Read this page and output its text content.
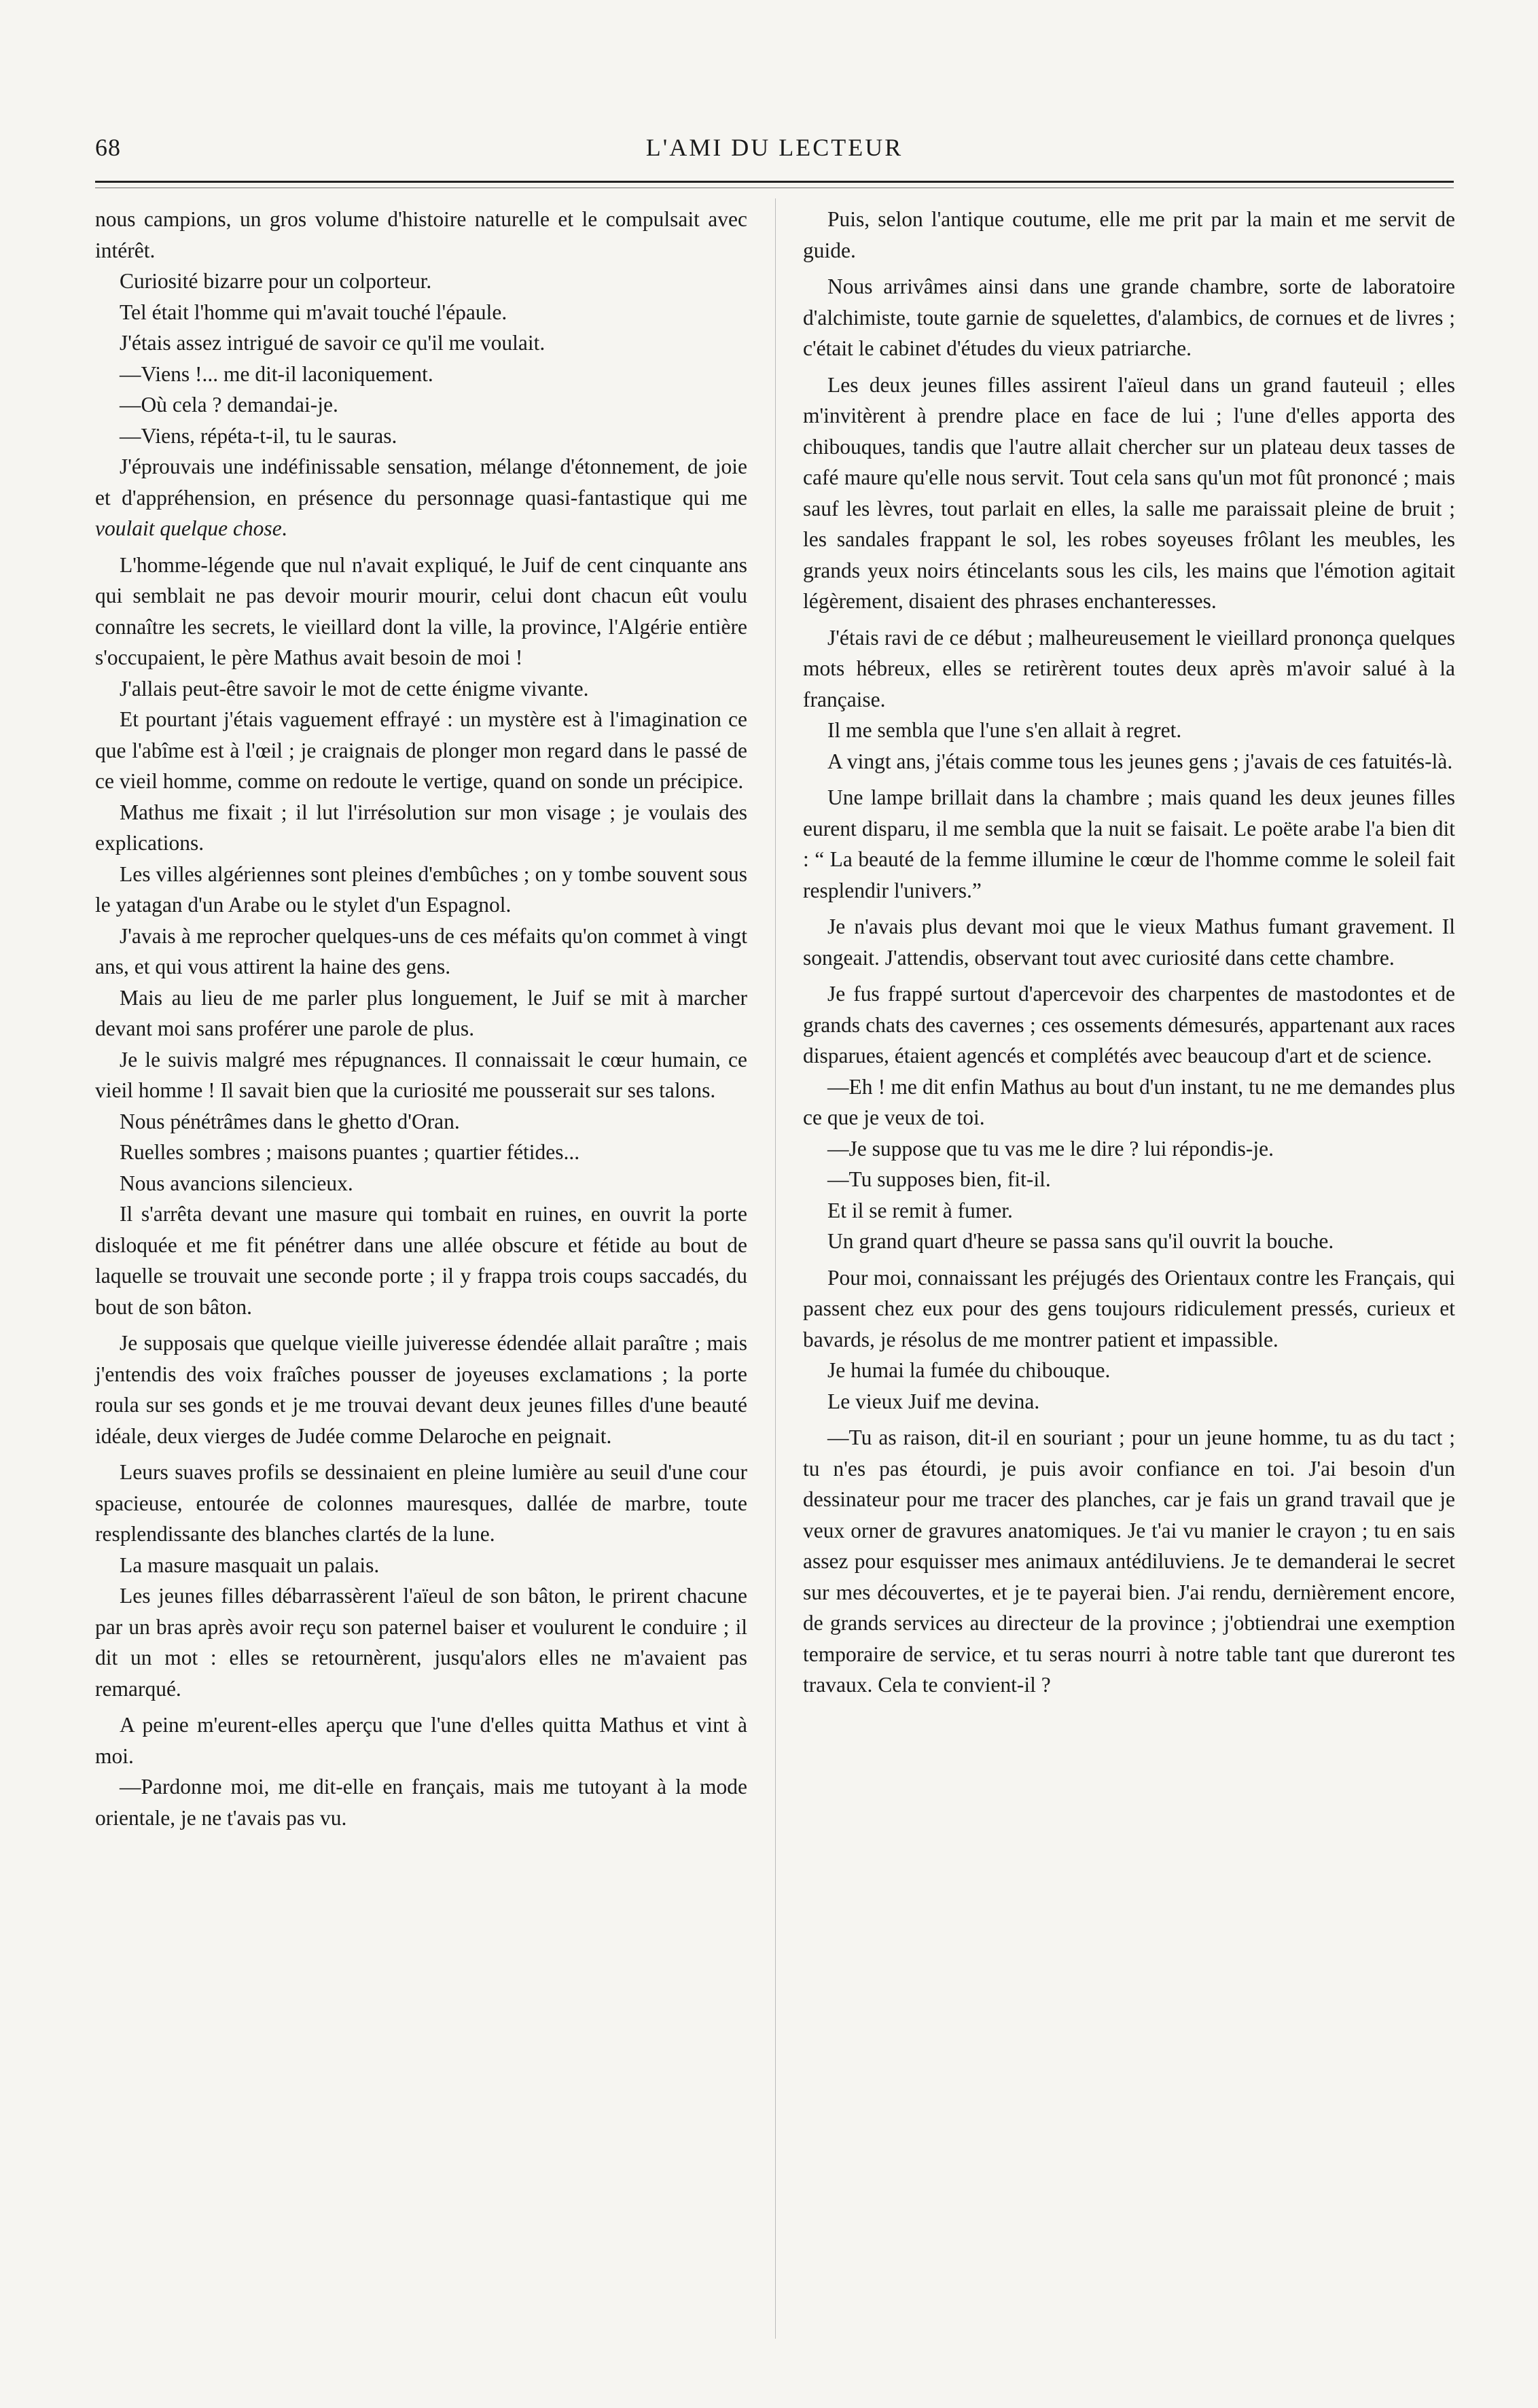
68	L'AMI DU LECTEUR

nous campions, un gros volume d'histoire naturelle et le compulsait avec intérêt.

Curiosité bizarre pour un colporteur.

Tel était l'homme qui m'avait touché l'épaule.

J'étais assez intrigué de savoir ce qu'il me voulait.

—Viens !... me dit-il laconiquement.

—Où cela ? demandai-je.

—Viens, répéta-t-il, tu le sauras.

J'éprouvais une indéfinissable sensation, mélange d'étonnement, de joie et d'appréhension, en présence du personnage quasi-fantastique qui me voulait quelque chose.

L'homme-légende que nul n'avait expliqué, le Juif de cent cinquante ans qui semblait ne pas devoir mourir mourir, celui dont chacun eût voulu connaître les secrets, le vieillard dont la ville, la province, l'Algérie entière s'occupaient, le père Mathus avait besoin de moi !

J'allais peut-être savoir le mot de cette énigme vivante.

Et pourtant j'étais vaguement effrayé : un mystère est à l'imagination ce que l'abîme est à l'œil ; je craignais de plonger mon regard dans le passé de ce vieil homme, comme on redoute le vertige, quand on sonde un précipice.

Mathus me fixait ; il lut l'irrésolution sur mon visage ; je voulais des explications.

Les villes algériennes sont pleines d'embûches ; on y tombe souvent sous le yatagan d'un Arabe ou le stylet d'un Espagnol.

J'avais à me reprocher quelques-uns de ces méfaits qu'on commet à vingt ans, et qui vous attirent la haine des gens.

Mais au lieu de me parler plus longuement, le Juif se mit à marcher devant moi sans proférer une parole de plus.

Je le suivis malgré mes répugnances. Il connaissait le cœur humain, ce vieil homme ! Il savait bien que la curiosité me pousserait sur ses talons.

Nous pénétrâmes dans le ghetto d'Oran.

Ruelles sombres ; maisons puantes ; quartier fétides...

Nous avancions silencieux.

Il s'arrêta devant une masure qui tombait en ruines, en ouvrit la porte disloquée et me fit pénétrer dans une allée obscure et fétide au bout de laquelle se trouvait une seconde porte ; il y frappa trois coups saccadés, du bout de son bâton.

Je supposais que quelque vieille juiveresse édendée allait paraître ; mais j'entendis des voix fraîches pousser de joyeuses exclamations ; la porte roula sur ses gonds et je me trouvai devant deux jeunes filles d'une beauté idéale, deux vierges de Judée comme Delaroche en peignait.

Leurs suaves profils se dessinaient en pleine lumière au seuil d'une cour spacieuse, entourée de colonnes mauresques, dallée de marbre, toute resplendissante des blanches clartés de la lune.

La masure masquait un palais.

Les jeunes filles débarrassèrent l'aïeul de son bâton, le prirent chacune par un bras après avoir reçu son paternel baiser et voulurent le conduire ; il dit un mot : elles se retournèrent, jusqu'alors elles ne m'avaient pas remarqué.

A peine m'eurent-elles aperçu que l'une d'elles quitta Mathus et vint à moi.

—Pardonne moi, me dit-elle en français, mais me tutoyant à la mode orientale, je ne t'avais pas vu.

Puis, selon l'antique coutume, elle me prit par la main et me servit de guide.

Nous arrivâmes ainsi dans une grande chambre, sorte de laboratoire d'alchimiste, toute garnie de squelettes, d'alambics, de cornues et de livres ; c'était le cabinet d'études du vieux patriarche.

Les deux jeunes filles assirent l'aïeul dans un grand fauteuil ; elles m'invitèrent à prendre place en face de lui ; l'une d'elles apporta des chibouques, tandis que l'autre allait chercher sur un plateau deux tasses de café maure qu'elle nous servit. Tout cela sans qu'un mot fût prononcé ; mais sauf les lèvres, tout parlait en elles, la salle me paraissait pleine de bruit ; les sandales frappant le sol, les robes soyeuses frôlant les meubles, les grands yeux noirs étincelants sous les cils, les mains que l'émotion agitait légèrement, disaient des phrases enchanteresses.

J'étais ravi de ce début ; malheureusement le vieillard prononça quelques mots hébreux, elles se retirèrent toutes deux après m'avoir salué à la française.

Il me sembla que l'une s'en allait à regret.

A vingt ans, j'étais comme tous les jeunes gens ; j'avais de ces fatuités-là.

Une lampe brillait dans la chambre ; mais quand les deux jeunes filles eurent disparu, il me sembla que la nuit se faisait. Le poëte arabe l'a bien dit : “ La beauté de la femme illumine le cœur de l'homme comme le soleil fait resplendir l'univers.”

Je n'avais plus devant moi que le vieux Mathus fumant gravement. Il songeait. J'attendis, observant tout avec curiosité dans cette chambre.

Je fus frappé surtout d'apercevoir des charpentes de mastodontes et de grands chats des cavernes ; ces ossements démesurés, appartenant aux races disparues, étaient agencés et complétés avec beaucoup d'art et de science.

—Eh ! me dit enfin Mathus au bout d'un instant, tu ne me demandes plus ce que je veux de toi.

—Je suppose que tu vas me le dire ? lui répondis-je.

—Tu supposes bien, fit-il.

Et il se remit à fumer.

Un grand quart d'heure se passa sans qu'il ouvrit la bouche.

Pour moi, connaissant les préjugés des Orientaux contre les Français, qui passent chez eux pour des gens toujours ridiculement pressés, curieux et bavards, je résolus de me montrer patient et impassible.

Je humai la fumée du chibouque.

Le vieux Juif me devina.

—Tu as raison, dit-il en souriant ; pour un jeune homme, tu as du tact ; tu n'es pas étourdi, je puis avoir confiance en toi. J'ai besoin d'un dessinateur pour me tracer des planches, car je fais un grand travail que je veux orner de gravures anatomiques. Je t'ai vu manier le crayon ; tu en sais assez pour esquisser mes animaux antédiluviens. Je te demanderai le secret sur mes découvertes, et je te payerai bien. J'ai rendu, dernièrement encore, de grands services au directeur de la province ; j'obtiendrai une exemption temporaire de service, et tu seras nourri à notre table tant que dureront tes travaux. Cela te convient-il ?
